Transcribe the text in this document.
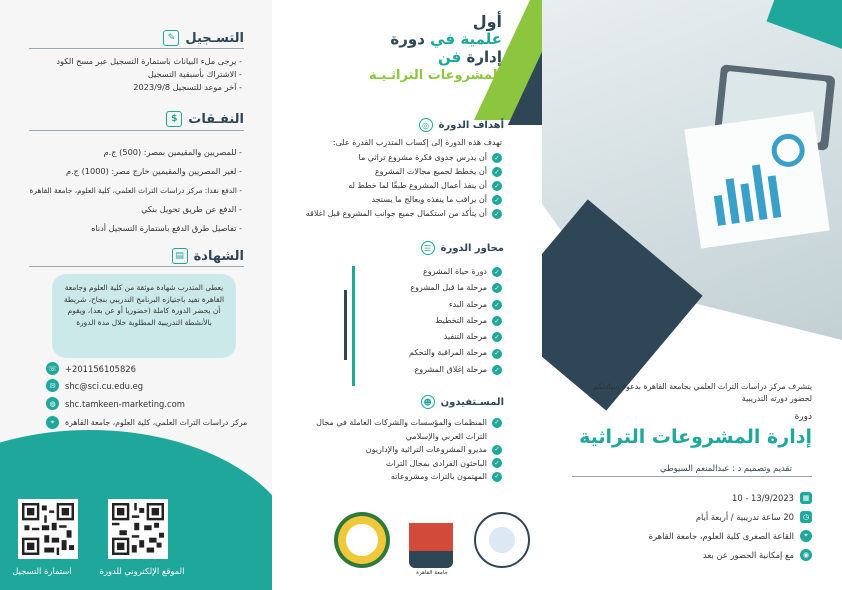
التسـجيل
✎
- يرجى ملء البيانات باستمارة التسجيل عبر مسح الكود
- الاشتراك بأسبقية التسجيل
- آخر موعد للتسجيل 2023/9/8
النفـقات
$
- للمصريين والمقيمين بمصر: (500) ج.م
- لغير المصريين والمقيمين خارج مصر: (1000) ج.م
- الدفع نقدا: مركز دراسات التراث العلمي، كلية العلوم، جامعة القاهرة
- الدفع عن طريق تحويل بنكي
- تفاصيل طرق الدفع باستمارة التسجيل أدناه
الشهادة
▤
يعطى المتدرب شهادة موثقة من كلية العلوم وجامعة القاهرة تفيد باجتيازه البرنامج التدريبي بنجاح، شريطة أن يحضر الدورة كاملة (حضوريا أو عن بعد)، ويقوم بالأنشطة التدريبية المطلوبة خلال مدة الدورة
☏ +201156105826
✉	shc@sci.cu.edu.eg
◍	shc.tamkeen-marketing.com
⌖	مركز دراسات التراث العلمي، كلية العلوم، جامعة القاهرة
استمارة التسجيل	الموقع الإلكتروني للدورة
أول
علمية في دورة
إدارة فن
المشروعات التراثـيـة
أهداف الدورة
◎
تهدف هذه الدورة إلى إكساب المتدرب القدرة على:
✓
أن يدرس جدوى فكرة مشروع تراثي ما
✓
أن يخطط لجميع مجالات المشروع
✓
أن ينفذ أعمال المشروع طبقًا لما خطط له
✓
أن يراقب ما ينفذه ويعالج ما يستجد
✓
أن يتأكد من استكمال جميع جوانب المشروع قبل اغلاقه
محاور الدورة
☰
✓
دورة حياة المشروع
✓
مرحلة ما قبل المشروع
✓
مرحلة البدء
✓
مرحلة التخطيط
✓
مرحلة التنفيذ
✓
مرحلة المراقبة والتحكم
✓
مرحلة إغلاق المشروع
المسـتفيدون
☻
✓
المنظمات والمؤسسات والشركات العاملة في مجال
التراث العربي والإسلامي
✓
مديرو المشروعات التراثية والإداريون
✓
الباحثون الفرادى بمجال التراث
✓
المهتمون بالتراث ومشروعاته
جامعة القاهرة
يتشرف مركز دراسات التراث العلمي بجامعة القاهرة بدعوة سيادتكم لحضور دورته التدريبية
دورة
إدارة المشروعات التراثية
تقديم وتصميم د : عبدالمنعم السيوطي
▦
10 - 13/9/2023
◷
20 ساعة تدريبية / أربعة أيام
⌖
القاعة الصغرى كلية العلوم، جامعة القاهرة
◉
مع إمكانية الحضور عن بعد
